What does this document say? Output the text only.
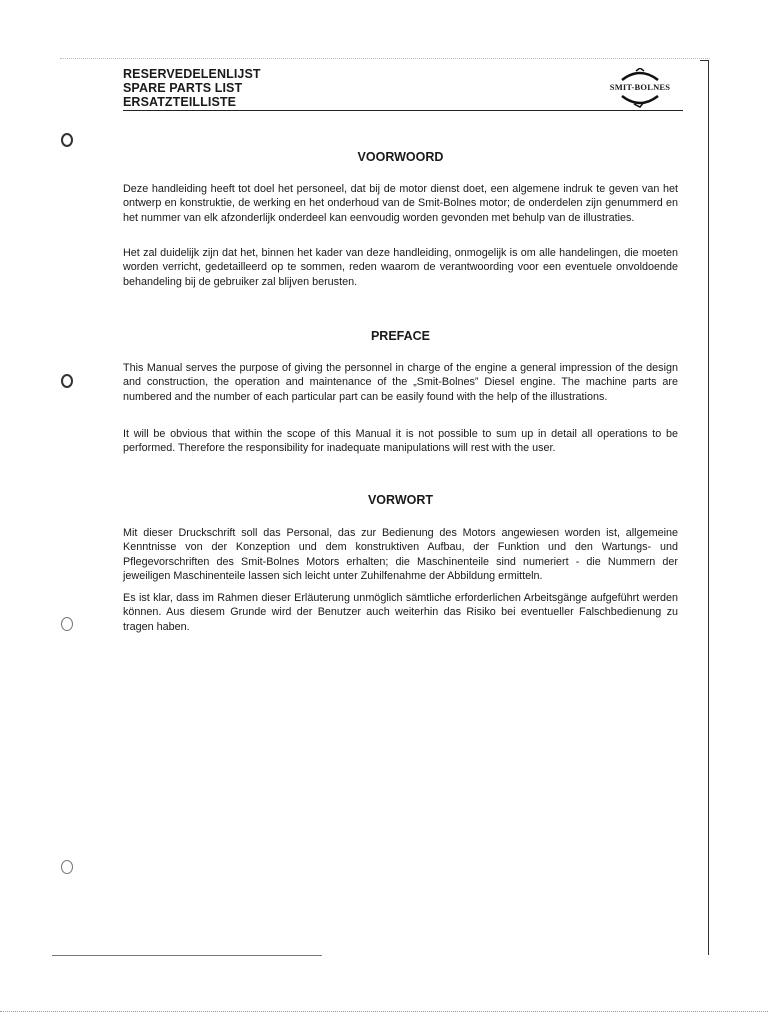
RESERVEDELENLIJST
SPARE PARTS LIST
ERSATZTEILLISTE
SMIT-BOLNES
VOORWOORD
Deze handleiding heeft tot doel het personeel, dat bij de motor dienst doet, een algemene indruk te geven van het ontwerp en konstruktie, de werking en het onderhoud van de Smit-Bolnes motor; de onderdelen zijn genummerd en het nummer van elk afzonderlijk onderdeel kan eenvoudig worden gevonden met behulp van de illustraties.
Het zal duidelijk zijn dat het, binnen het kader van deze handleiding, onmogelijk is om alle handelingen, die moeten worden verricht, gedetailleerd op te sommen, reden waarom de verantwoording voor een eventuele onvoldoende behandeling bij de gebruiker zal blijven berusten.
PREFACE
This Manual serves the purpose of giving the personnel in charge of the engine a general impression of the design and construction, the operation and maintenance of the „Smit-Bolnes” Diesel engine. The machine parts are numbered and the number of each particular part can be easily found with the help of the illustrations.
It will be obvious that within the scope of this Manual it is not possible to sum up in detail all operations to be performed. Therefore the responsibility for inadequate manipulations will rest with the user.
VORWORT
Mit dieser Druckschrift soll das Personal, das zur Bedienung des Motors angewiesen worden ist, allgemeine Kenntnisse von der Konzeption und dem konstruktiven Aufbau, der Funktion und den Wartungs- und Pflegevorschriften des Smit-Bolnes Motors erhalten; die Maschinenteile sind numeriert - die Nummern der jeweiligen Maschinenteile lassen sich leicht unter Zuhilfenahme der Abbildung ermitteln.
Es ist klar, dass im Rahmen dieser Erläuterung unmöglich sämtliche erforderlichen Arbeitsgänge aufgeführt werden können. Aus diesem Grunde wird der Benutzer auch weiterhin das Risiko bei eventueller Falschbedienung zu tragen haben.
